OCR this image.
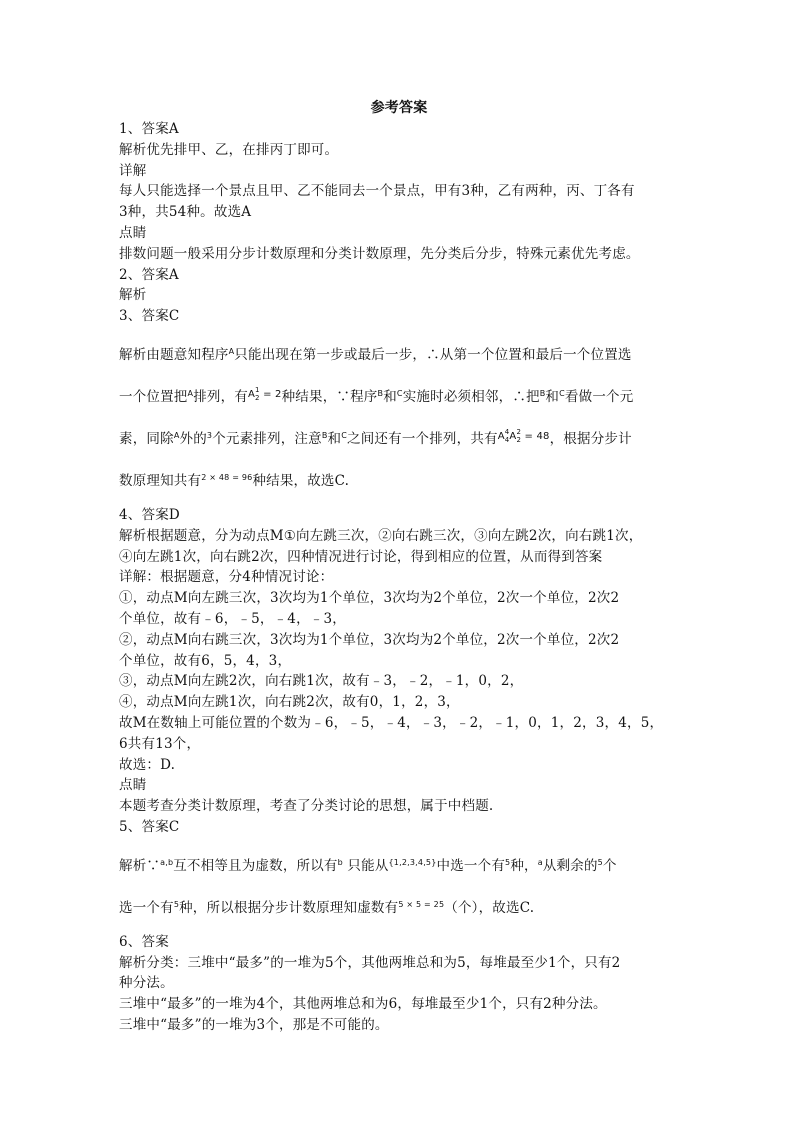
参考答案
1、答案A
解析优先排甲、乙，在排丙丁即可。
详解
每人只能选择一个景点且甲、乙不能同去一个景点，甲有3种，乙有两种，丙、丁各有
3种，共54种。故选A
点睛
排数问题一般采用分步计数原理和分类计数原理，先分类后分步，特殊元素优先考虑。
2、答案A
解析
3、答案C
解析由题意知程序$^A$只能出现在第一步或最后一步，∴从第一个位置和最后一个位置选
一个位置把$^A$排列，有$^{A 1 2 = 2}$种结果，∵程序$^B$和$^C$实施时必须相邻，∴把$^B$和$^C$看做一个元
素，同除$^A$外的$^3$个元素排列，注意$^B$和$^C$之间还有一个排列，共有$^{A 4 4 A 2 2 = 48}$，根据分步计
数原理知共有$^{2 \times 48 = 96}$种结果，故选C.
4、答案D
解析根据题意，分为动点M①向左跳三次，②向右跳三次，③向左跳2次，向右跳1次，
④向左跳1次，向右跳2次，四种情况进行讨论，得到相应的位置，从而得到答案
详解：根据题意，分4种情况讨论：
①，动点M向左跳三次，3次均为1个单位，3次均为2个单位，2次一个单位，2次2
个单位，故有﹣6，﹣5，﹣4，﹣3，
②，动点M向右跳三次，3次均为1个单位，3次均为2个单位，2次一个单位，2次2
个单位，故有6，5，4，3，
③，动点M向左跳2次，向右跳1次，故有﹣3，﹣2，﹣1，0，2，
④，动点M向左跳1次，向右跳2次，故有0，1，2，3，
故M在数轴上可能位置的个数为﹣6，﹣5，﹣4，﹣3，﹣2，﹣1，0，1，2，3，4，5，
6共有13个，
故选：D.
点睛
本题考查分类计数原理，考查了分类讨论的思想，属于中档题.
5、答案C
解析∵$^{a,b}$互不相等且为虚数，所以有$^b$ 只能从$^{\{1,2,3,4,5\}}$中选一个有$^5$种，$^a$从剩余的$^5$个
选一个有$^5$种，所以根据分步计数原理知虚数有$^{5 \times 5 = 25}$（个），故选C.
6、答案
解析分类：三堆中“最多”的一堆为5个，其他两堆总和为5，每堆最至少1个，只有2
种分法。
三堆中“最多”的一堆为4个，其他两堆总和为6，每堆最至少1个，只有2种分法。
三堆中“最多”的一堆为3个，那是不可能的。
